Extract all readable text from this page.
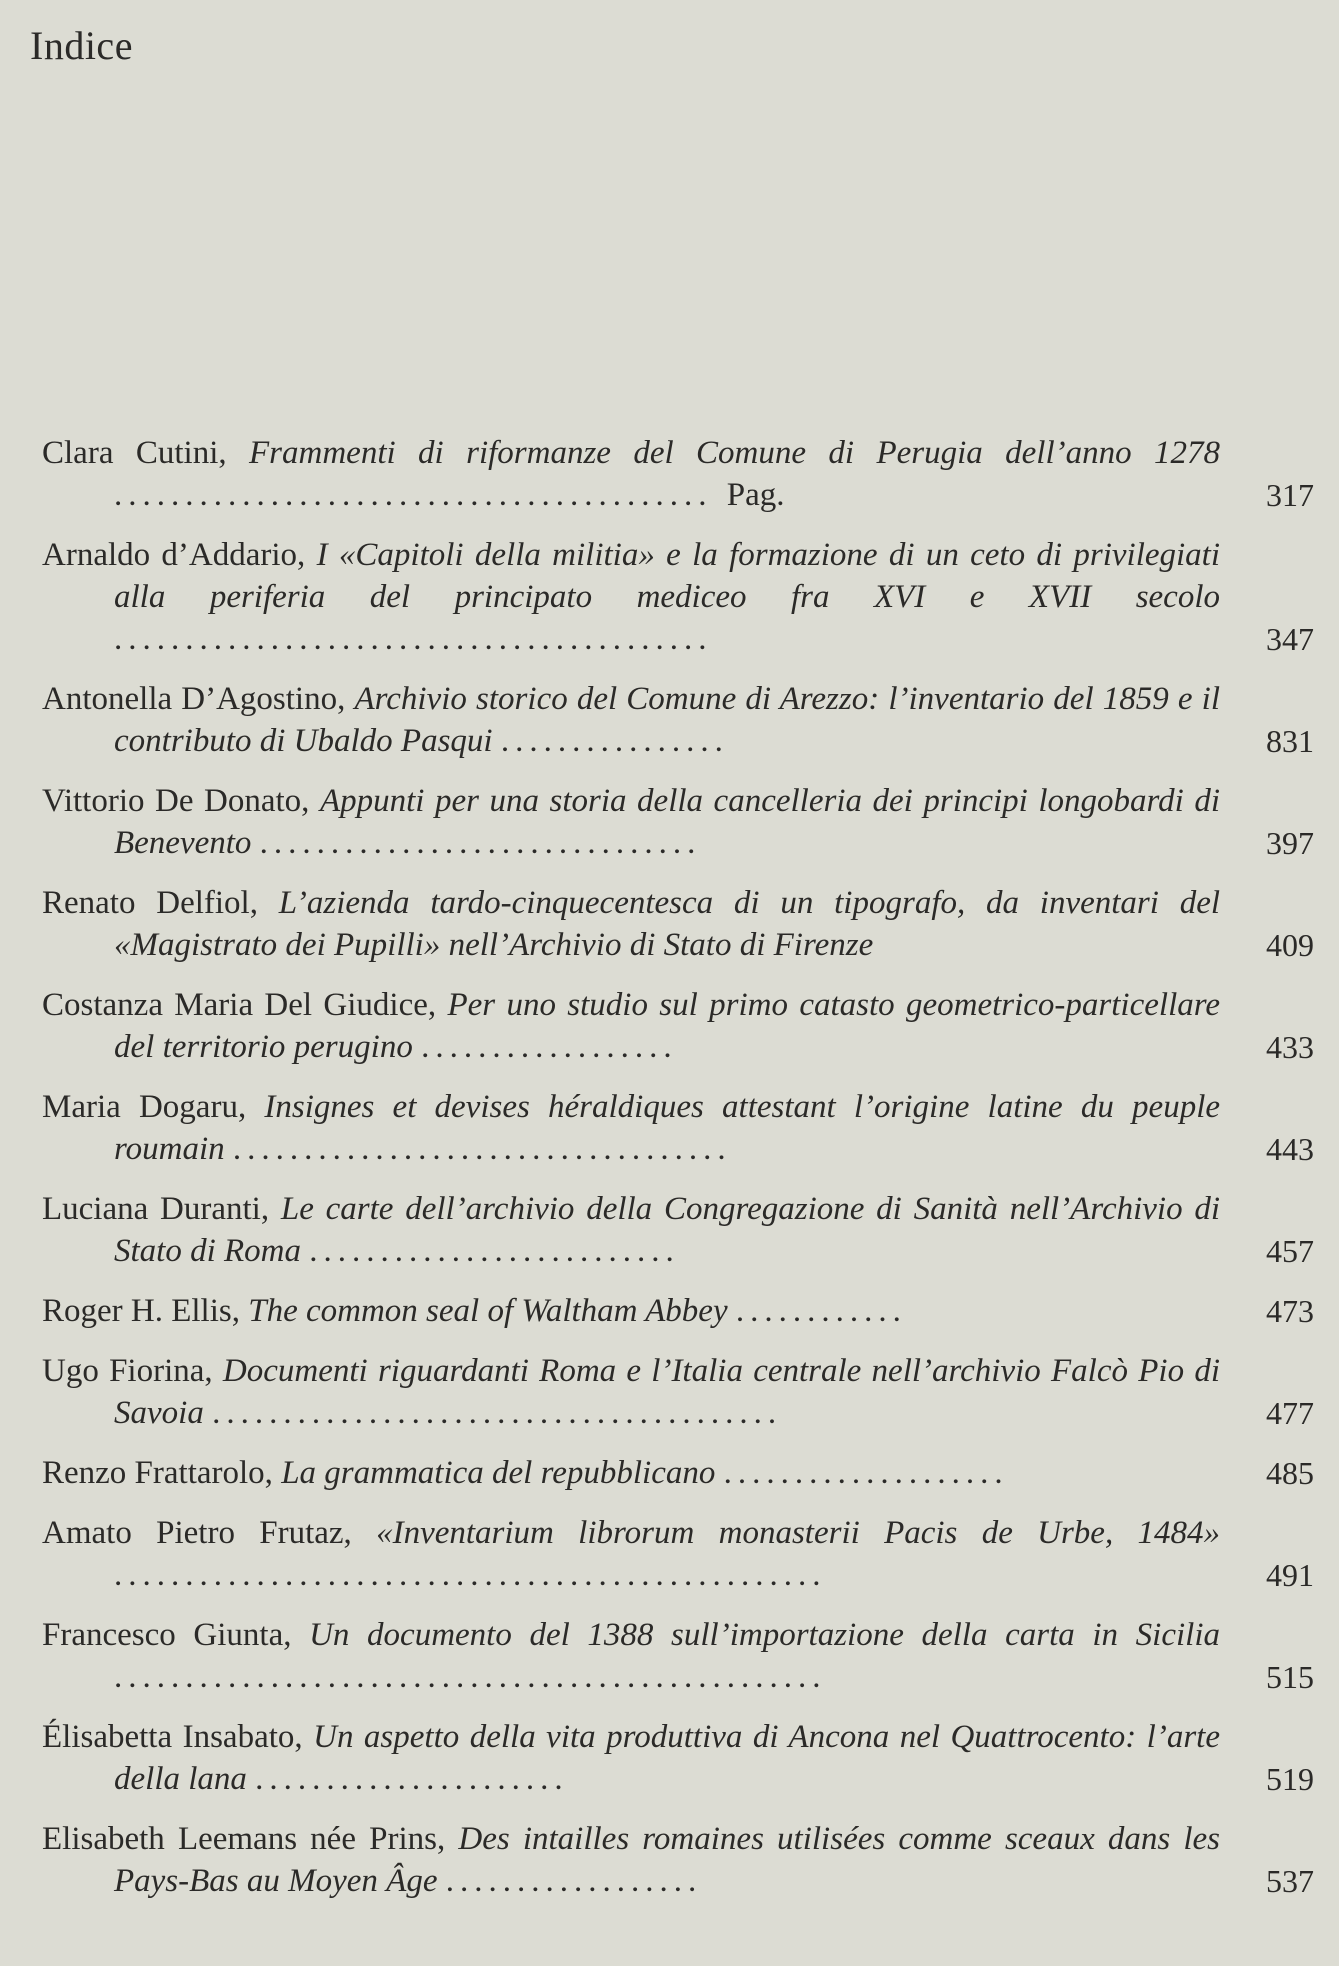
Indice
Clara Cutini, Frammenti di riformanze del Comune di Perugia dell’anno 1278 .......................................... Pag.	317
Arnaldo d’Addario, I «Capitoli della militia» e la formazione di un ceto di privilegiati alla periferia del principato mediceo fra XVI e XVII secolo ..........................................	347
Antonella D’Agostino, Archivio storico del Comune di Arezzo: l’inventario del 1859 e il contributo di Ubaldo Pasqui ................	831
Vittorio De Donato, Appunti per una storia della cancelleria dei principi longobardi di Benevento ...............................	397
Renato Delfiol, L’azienda tardo-cinquecentesca di un tipografo, da inventari del «Magistrato dei Pupilli» nell’Archivio di Stato di Firenze	409
Costanza Maria Del Giudice, Per uno studio sul primo catasto geometrico-particellare del territorio perugino ..................	433
Maria Dogaru, Insignes et devises héraldiques attestant l’origine latine du peuple roumain ...................................	443
Luciana Duranti, Le carte dell’archivio della Congregazione di Sanità nell’Archivio di Stato di Roma ..........................	457
Roger H. Ellis, The common seal of Waltham Abbey ............	473
Ugo Fiorina, Documenti riguardanti Roma e l’Italia centrale nell’archivio Falcò Pio di Savoia ........................................	477
Renzo Frattarolo, La grammatica del repubblicano ....................	485
Amato Pietro Frutaz, «Inventarium librorum monasterii Pacis de Urbe, 1484» ..................................................	491
Francesco Giunta, Un documento del 1388 sull’importazione della carta in Sicilia ..................................................	515
Élisabetta Insabato, Un aspetto della vita produttiva di Ancona nel Quattrocento: l’arte della lana ......................	519
Elisabeth Leemans née Prins, Des intailles romaines utilisées comme sceaux dans les Pays-Bas au Moyen Âge ..................	537
